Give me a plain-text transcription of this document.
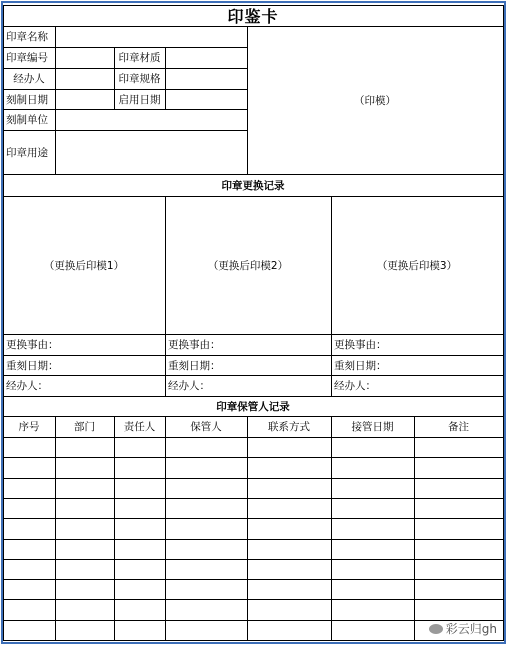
印鉴卡
印章名称
印章编号	印章材质
经办人	印章规格
刻制日期	启用日期
刻制单位
印章用途
（印模）
印章更换记录
（更换后印模1）
更换事由：
重刻日期：
经办人：
（更换后印模2）
更换事由：
重刻日期：
经办人：
（更换后印模3）
更换事由：
重刻日期：
经办人：
印章保管人记录
序号	部门	责任人	保管人	联系方式	接管日期	备注
彩云归gh
